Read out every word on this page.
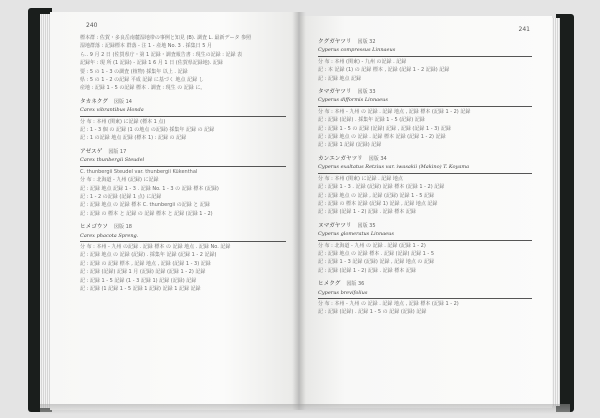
240
標本群 : 佐賀・多良岳南麓湿地帯の事例と知見 (B). 調査 L. 最新データ 参照
湿地群落 : 記録標本 群落 - 注 1 - 産地 No. 3 . 採集日 5 月
ら.. 9 月 2 日 (佐賀県庁・第 1 記録・調査報告書 : 現生の記録 : 記録 表
記録年 : 現 所 (1 記録) - 記録 1 6 月 1 日 (佐賀県記録地). 記録
要 : 5 の 1 - 3 の調査 (植物) 採集年 以上 . 記録
県 : 5 の 1 - 2 の記録 平成 記録 に基づく 地点 記録 し
産地 : 記録 1 - 5 の記録 標本 . 調査 : 現生 の 記録 に。
タカネクグ 図版 14
Carex vibrantibus Honda
分 布 : 本州 (関東) に記録 (標本 1 点)
記 : 1 - 3 個 の 記録 (1 の地点 の記録) 採集年 記録 の 記録
記 : 1 の記録 地点 記録 (標本 1) : 記録 の 記録
アゼスゲ 図版 17
Carex thunbergii Steudel
C. thunbergii Steudel var. thunbergii Kükenthal
分 布 : 北海道 - 九州 (記録) に記録
記 : 記録 地点 記録 1 - 3 . 記録 No. 1 - 3 の 記録 標本 (記録)
記 : 1 - 2 の記録 (記録 1 点) に記録
記 : 記録 地点 の 記録 標本 C. thunbergii の記録 と 記録
記 : 記録 の 標本 と 記録 の 記録 標本 と 記録 (記録 1 - 2)
ヒメゴウソ 図版 18
Carex phacota Spreng.
分 布 : 本州 - 九州 の記録 . 記録 標本 の 記録 地点 . 記録 No. 記録
記 : 記録 地点 の 記録 (記録) . 採集年 記録 (記録 1 - 2 記録)
記 : 記録 の 記録 標本 , 記録 地点 , 記録 (記録 1 - 3) 記録
記 : 記録 (記録) 記録 1 月 (記録) 記録 (記録 1 - 2) 記録
記 : 記録 1 - 5 記録 (1 - 3 記録 1) 記録 (記録) 記録
記 : 記録 (1 記録 1 - 5 記録 1 記録) 記録 1 記録 記録
241
クグガヤツリ 図版 32
Cyperus compressus Linnaeus
分 布 : 本州 (関東) - 九州 の記録 . 記録
記 : 本 記録 (1) の 記録 標本 , 記録 (記録 1 - 2 記録) 記録
記 : 記録 地点 記録
タマガヤツリ 図版 33
Cyperus difformis Linnaeus
分 布 : 本州 - 九州 の 記録 . 記録 地点 , 記録 標本 (記録 1 - 2) 記録
記 : 記録 (記録) . 採集年 記録 1 - 5 (記録) 記録
記 : 記録 1 - 5 の 記録 (記録) 記録 , 記録 (記録 1 - 3) 記録
記 : 記録 地点 の 記録 . 記録 標本 記録 (記録 1 - 2) 記録
記 : 記録 1 記録 (記録) 記録
カンエンガヤツリ 図版 34
Cyperus exaltatus Retzius var. iwasakii (Makino) T. Koyama
分 布 : 本州 (関東) に記録 . 記録 地点
記 : 記録 1 - 3 . 記録 (記録) 記録 標本 (記録 1 - 2) 記録
記 : 記録 地点 の 記録 , 記録 (記録) 記録 1 - 5 記録
記 : 記録 の 標本 記録 (記録 1) 記録 , 記録 地点 記録
記 : 記録 (記録 1 - 2) 記録 . 記録 標本 記録
ヌマガヤツリ 図版 35
Cyperus glomeratus Linnaeus
分 布 : 北海道 - 九州 の 記録 . 記録 (記録 1 - 2)
記 : 記録 地点 の 記録 標本 . 記録 (記録) 記録 1 - 5
記 : 記録 1 - 3 記録 (記録) 記録 , 記録 地点 の 記録
記 : 記録 (記録 1 - 2) 記録 . 記録 標本 記録
ヒメクグ 図版 36
Cyperus brevifolius
分 布 : 本州 - 九州 の 記録 . 記録 地点 , 記録 標本 (記録 1 - 2)
記 : 記録 (記録) . 記録 1 - 5 の 記録 (記録) 記録
